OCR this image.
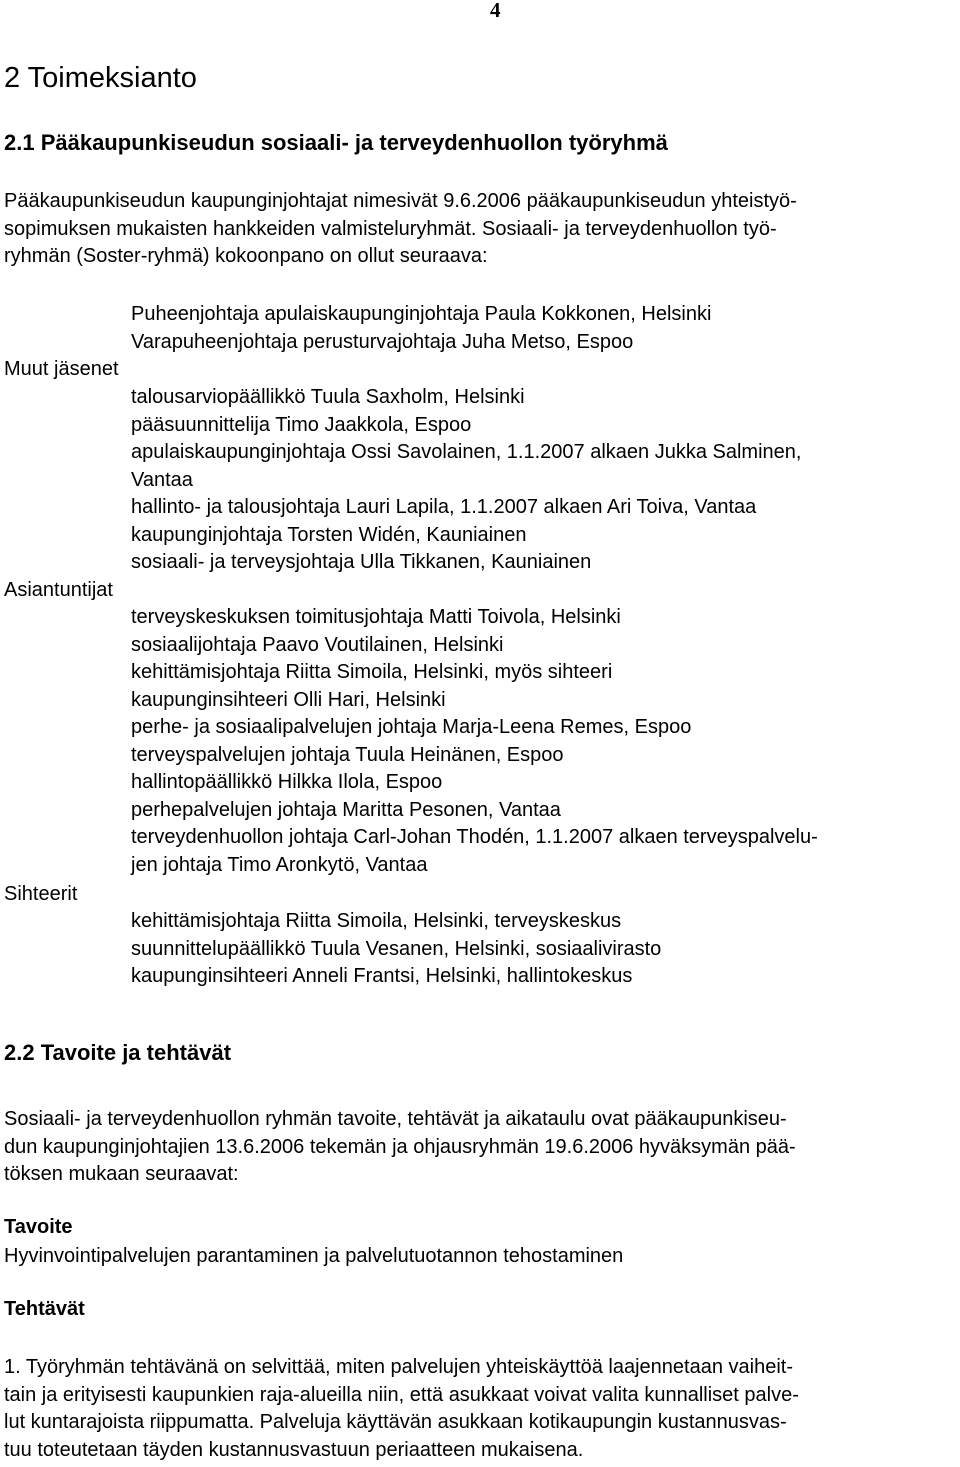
4
2 Toimeksianto
2.1 Pääkaupunkiseudun sosiaali- ja terveydenhuollon työryhmä
Pääkaupunkiseudun kaupunginjohtajat nimesivät 9.6.2006 pääkaupunkiseudun yhteistyö-
sopimuksen mukaisten hankkeiden valmisteluryhmät. Sosiaali- ja terveydenhuollon työ-
ryhmän (Soster-ryhmä) kokoonpano on ollut seuraava:
Puheenjohtaja apulaiskaupunginjohtaja Paula Kokkonen, Helsinki
Varapuheenjohtaja perusturvajohtaja Juha Metso, Espoo
Muut jäsenet
talousarviopäällikkö Tuula Saxholm, Helsinki
pääsuunnittelija Timo Jaakkola, Espoo
apulaiskaupunginjohtaja Ossi Savolainen, 1.1.2007 alkaen Jukka Salminen,
Vantaa
hallinto- ja talousjohtaja Lauri Lapila, 1.1.2007 alkaen Ari Toiva, Vantaa
kaupunginjohtaja Torsten Widén, Kauniainen
sosiaali- ja terveysjohtaja Ulla Tikkanen, Kauniainen
Asiantuntijat
terveyskeskuksen toimitusjohtaja Matti Toivola, Helsinki
sosiaalijohtaja Paavo Voutilainen, Helsinki
kehittämisjohtaja Riitta Simoila, Helsinki, myös sihteeri
kaupunginsihteeri Olli Hari, Helsinki
perhe- ja sosiaalipalvelujen johtaja Marja-Leena Remes, Espoo
terveyspalvelujen johtaja Tuula Heinänen, Espoo
hallintopäällikkö Hilkka Ilola, Espoo
perhepalvelujen johtaja Maritta Pesonen, Vantaa
terveydenhuollon johtaja Carl-Johan Thodén, 1.1.2007 alkaen terveyspalvelu-
jen johtaja Timo Aronkytö, Vantaa
Sihteerit
kehittämisjohtaja Riitta Simoila, Helsinki, terveyskeskus
suunnittelupäällikkö Tuula Vesanen, Helsinki, sosiaalivirasto
kaupunginsihteeri Anneli Frantsi, Helsinki, hallintokeskus
2.2 Tavoite ja tehtävät
Sosiaali- ja terveydenhuollon ryhmän tavoite, tehtävät ja aikataulu ovat pääkaupunkiseu-
dun kaupunginjohtajien 13.6.2006 tekemän ja ohjausryhmän 19.6.2006 hyväksymän pää-
töksen mukaan seuraavat:
Tavoite
Hyvinvointipalvelujen parantaminen ja palvelutuotannon tehostaminen
Tehtävät
1. Työryhmän tehtävänä on selvittää, miten palvelujen yhteiskäyttöä laajennetaan vaiheit-
tain ja erityisesti kaupunkien raja-alueilla niin, että asukkaat voivat valita kunnalliset palve-
lut kuntarajoista riippumatta. Palveluja käyttävän asukkaan kotikaupungin kustannusvas-
tuu toteutetaan täyden kustannusvastuun periaatteen mukaisena.
